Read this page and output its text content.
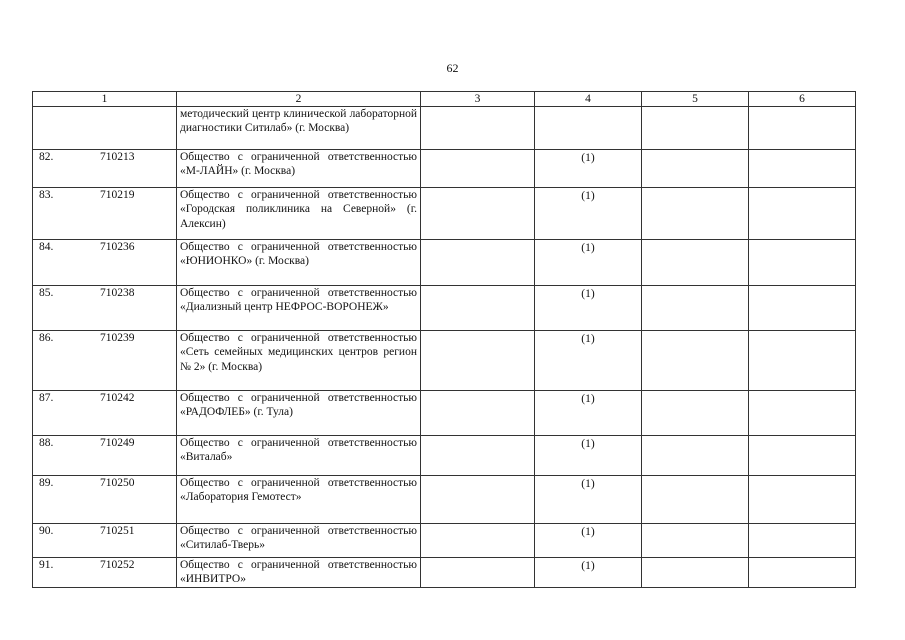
62
1	2	3	4	5	6

	методический центр клинической лабораторной диагностики Ситилаб» (г. Москва)				

82. 710213	Общество с ограниченной ответственностью «М-ЛАЙН» (г. Москва)		(1)		

83. 710219	Общество с ограниченной ответственностью «Городская поликлиника на Северной» (г. Алексин)		(1)		

84. 710236	Общество с ограниченной ответственностью «ЮНИОНКО» (г. Москва)		(1)		

85. 710238	Общество с ограниченной ответственностью «Диализный центр НЕФРОС-ВОРОНЕЖ»		(1)		

86. 710239	Общество с ограниченной ответственностью «Сеть семейных медицинских центров регион № 2» (г. Москва)		(1)		

87. 710242	Общество с ограниченной ответственностью «РАДОФЛЕБ» (г. Тула)		(1)		

88. 710249	Общество с ограниченной ответственностью «Виталаб»		(1)		

89. 710250	Общество с ограниченной ответственностью «Лаборатория Гемотест»		(1)		

90. 710251	Общество с ограниченной ответственностью «Ситилаб-Тверь»		(1)		

91. 710252	Общество с ограниченной ответственностью «ИНВИТРО»		(1)		
